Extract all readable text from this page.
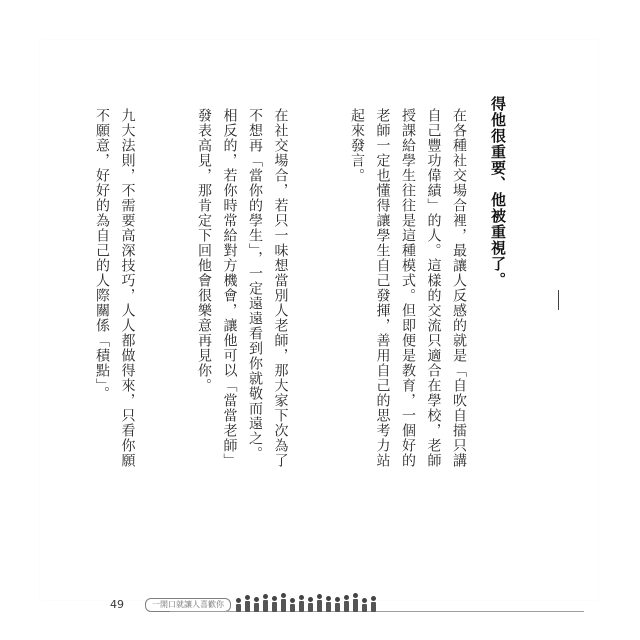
得他很重要、他被重視了。

在各種社交場合裡，最讓人反感的就是「自吹自擂只講自己豐功偉績」的人。這樣的交流只適合在學校，老師授課給學生往往是這種模式。但即便是教育，一個好的老師一定也懂得讓學生自己發揮，善用自己的思考力站起來發言。

在社交場合，若只一味想當別人老師，那大家下次為了不想再「當你的學生」，一定遠遠看到你就敬而遠之。相反的，若你時常給對方機會，讓他可以「當當老師」發表高見，那肯定下回他會很樂意再見你。

九大法則，不需要高深技巧，人人都做得來，只看你願不願意，好好的為自己的人際關係「積點」。

49	一開口就讓人喜歡你
